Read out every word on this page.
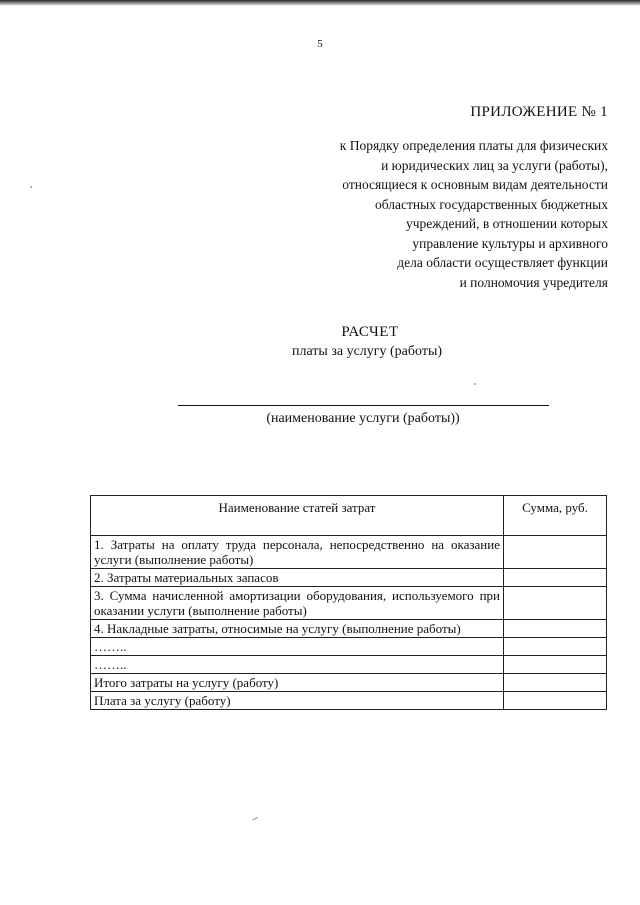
5
ПРИЛОЖЕНИЕ № 1
к Порядку определения платы для физических
и юридических лиц за услуги (работы),
относящиеся к основным видам деятельности
областных государственных бюджетных
учреждений, в отношении которых
управление культуры и архивного
дела области осуществляет функции
и полномочия учредителя
РАСЧЕТ
платы за услугу (работы)
(наименование услуги (работы))
Наименование статей затрат	Сумма, руб.
1. Затраты на оплату труда персонала, непосредственно на оказание услуги (выполнение работы)	
2. Затраты материальных запасов	
3. Сумма начисленной амортизации оборудования, используемого при оказании услуги (выполнение работы)	
4. Накладные затраты, относимые на услугу (выполнение работы)	
……..	
……..	
Итого затраты на услугу (работу)	
Плата за услугу (работу)	
